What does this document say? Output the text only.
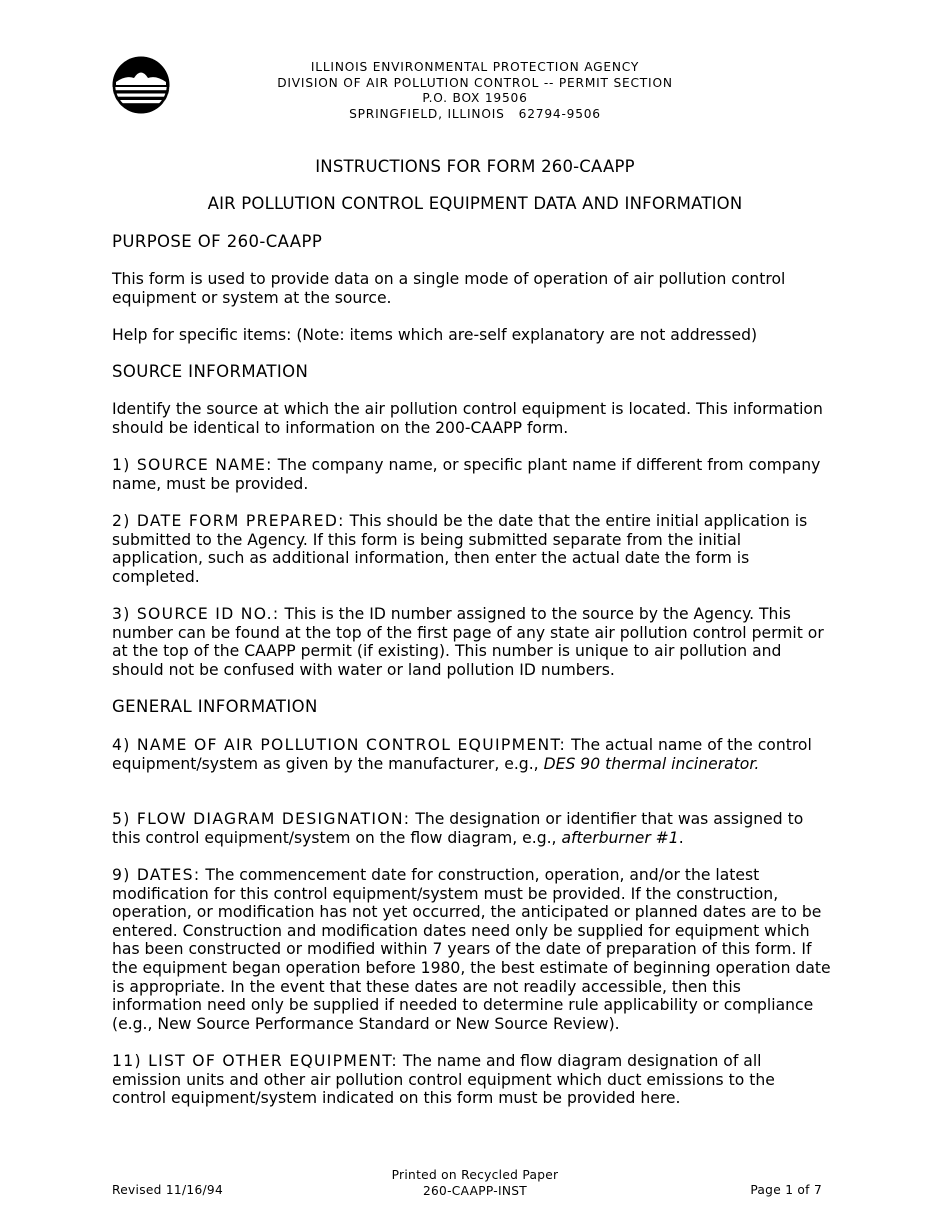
ILLINOIS ENVIRONMENTAL PROTECTION AGENCY
DIVISION OF AIR POLLUTION CONTROL -- PERMIT SECTION
P.O. BOX 19506
SPRINGFIELD, ILLINOIS   62794-9506
INSTRUCTIONS FOR FORM 260-CAAPP
AIR POLLUTION CONTROL EQUIPMENT DATA AND INFORMATION
PURPOSE OF 260-CAAPP

This form is used to provide data on a single mode of operation of air pollution control equipment or system at the source.

Help for specific items: (Note: items which are-self explanatory are not addressed)

SOURCE INFORMATION

Identify the source at which the air pollution control equipment is located. This information should be identical to information on the 200-CAAPP form.

1) SOURCE NAME: The company name, or specific plant name if different from company name, must be provided.

2) DATE FORM PREPARED: This should be the date that the entire initial application is submitted to the Agency. If this form is being submitted separate from the initial application, such as additional information, then enter the actual date the form is completed.

3) SOURCE ID NO.: This is the ID number assigned to the source by the Agency. This number can be found at the top of the first page of any state air pollution control permit or at the top of the CAAPP permit (if existing). This number is unique to air pollution and should not be confused with water or land pollution ID numbers.

GENERAL INFORMATION

4) NAME OF AIR POLLUTION CONTROL EQUIPMENT: The actual name of the control equipment/system as given by the manufacturer, e.g., DES 90 thermal incinerator.

5) FLOW DIAGRAM DESIGNATION: The designation or identifier that was assigned to this control equipment/system on the flow diagram, e.g., afterburner #1.

9) DATES: The commencement date for construction, operation, and/or the latest modification for this control equipment/system must be provided. If the construction, operation, or modification has not yet occurred, the anticipated or planned dates are to be entered. Construction and modification dates need only be supplied for equipment which has been constructed or modified within 7 years of the date of preparation of this form. If the equipment began operation before 1980, the best estimate of beginning operation date is appropriate. In the event that these dates are not readily accessible, then this information need only be supplied if needed to determine rule applicability or compliance (e.g., New Source Performance Standard or New Source Review).

11) LIST OF OTHER EQUIPMENT: The name and flow diagram designation of all emission units and other air pollution control equipment which duct emissions to the control equipment/system indicated on this form must be provided here.

Revised 11/16/94
Printed on Recycled Paper
260-CAAPP-INST	Page 1 of 7
